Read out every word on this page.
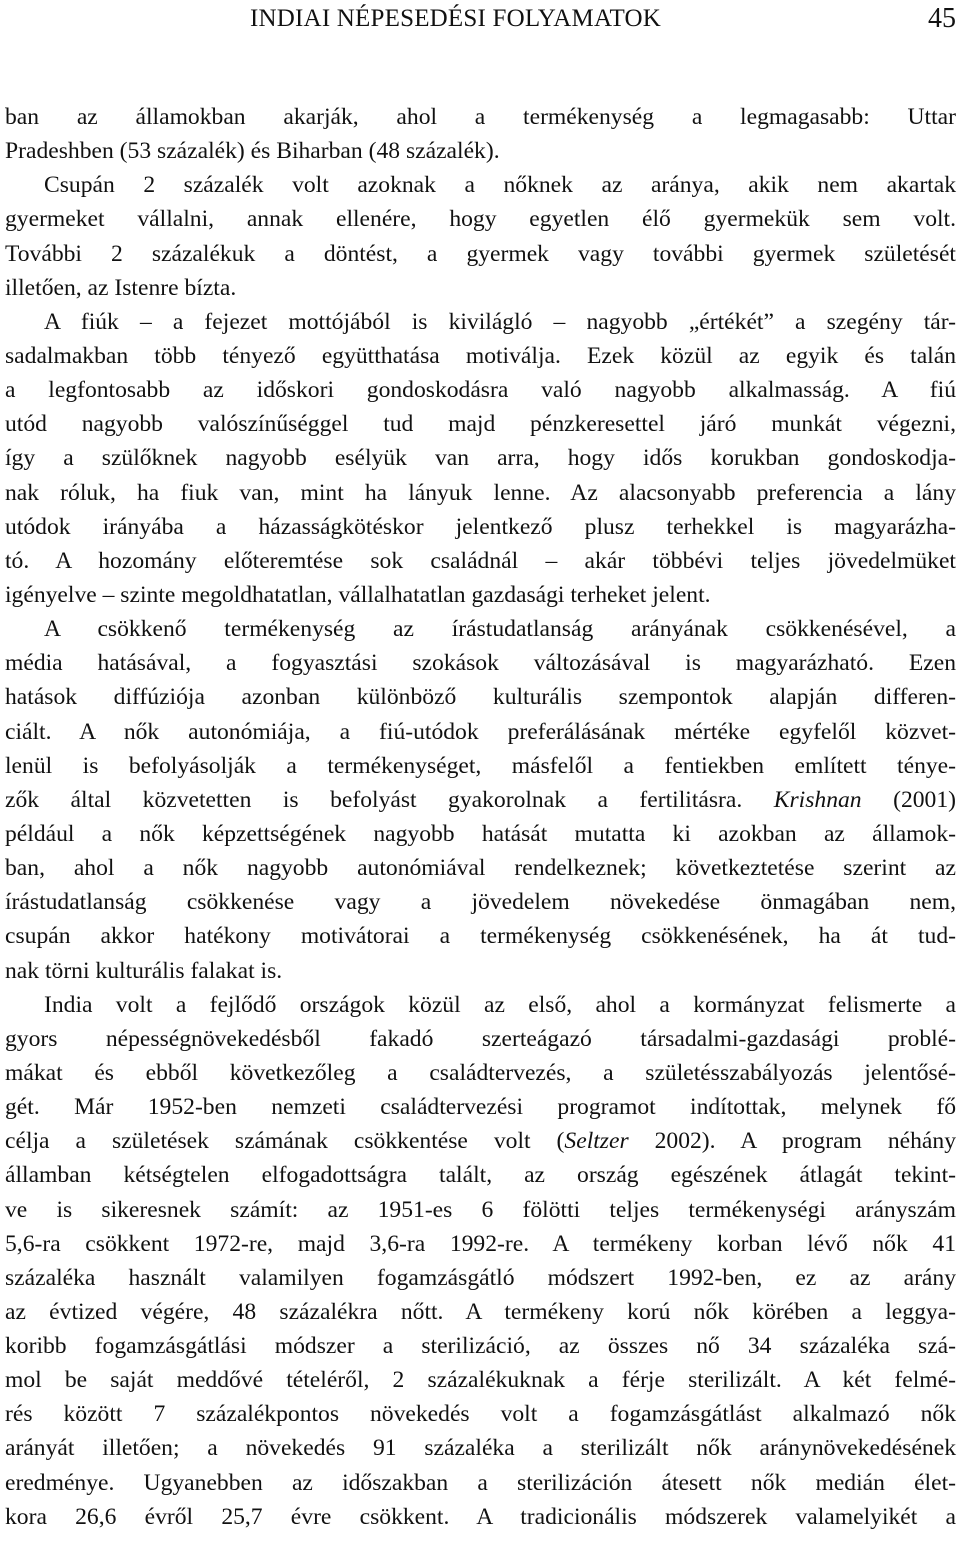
INDIAI NÉPESEDÉSI FOLYAMATOK	45
ban az államokban akarják, ahol a termékenység a legmagasabb: Uttar
Pradeshben (53 százalék) és Biharban (48 százalék).
Csupán 2 százalék volt azoknak a nőknek az aránya, akik nem akartak
gyermeket vállalni, annak ellenére, hogy egyetlen élő gyermekük sem volt.
További 2 százalékuk a döntést, a gyermek vagy további gyermek születését
illetően, az Istenre bízta.
A fiúk – a fejezet mottójából is kivilágló – nagyobb „értékét” a szegény tár-
sadalmakban több tényező együtthatása motiválja. Ezek közül az egyik és talán
a legfontosabb az időskori gondoskodásra való nagyobb alkalmasság. A fiú
utód nagyobb valószínűséggel tud majd pénzkeresettel járó munkát végezni,
így a szülőknek nagyobb esélyük van arra, hogy idős korukban gondoskodja-
nak róluk, ha fiuk van, mint ha lányuk lenne. Az alacsonyabb preferencia a lány
utódok irányába a házasságkötéskor jelentkező plusz terhekkel is magyarázha-
tó. A hozomány előteremtése sok családnál – akár többévi teljes jövedelmüket
igényelve – szinte megoldhatatlan, vállalhatatlan gazdasági terheket jelent.
A csökkenő termékenység az írástudatlanság arányának csökkenésével, a
média hatásával, a fogyasztási szokások változásával is magyarázható. Ezen
hatások diffúziója azonban különböző kulturális szempontok alapján differen-
ciált. A nők autonómiája, a fiú-utódok preferálásának mértéke egyfelől közvet-
lenül is befolyásolják a termékenységet, másfelől a fentiekben említett ténye-
zők által közvetetten is befolyást gyakorolnak a fertilitásra. Krishnan (2001)
például a nők képzettségének nagyobb hatását mutatta ki azokban az államok-
ban, ahol a nők nagyobb autonómiával rendelkeznek; következtetése szerint az
írástudatlanság csökkenése vagy a jövedelem növekedése önmagában nem,
csupán akkor hatékony motivátorai a termékenység csökkenésének, ha át tud-
nak törni kulturális falakat is.
India volt a fejlődő országok közül az első, ahol a kormányzat felismerte a
gyors népességnövekedésből fakadó szerteágazó társadalmi-gazdasági problé-
mákat és ebből következőleg a családtervezés, a születésszabályozás jelentősé-
gét. Már 1952-ben nemzeti családtervezési programot indítottak, melynek fő
célja a születések számának csökkentése volt (Seltzer 2002). A program néhány
államban kétségtelen elfogadottságra talált, az ország egészének átlagát tekint-
ve is sikeresnek számít: az 1951-es 6 fölötti teljes termékenységi arányszám
5,6-ra csökkent 1972-re, majd 3,6-ra 1992-re. A termékeny korban lévő nők 41
százaléka használt valamilyen fogamzásgátló módszert 1992-ben, ez az arány
az évtized végére, 48 százalékra nőtt. A termékeny korú nők körében a leggya-
koribb fogamzásgátlási módszer a sterilizáció, az összes nő 34 százaléka szá-
mol be saját meddővé tételéről, 2 százalékuknak a férje sterilizált. A két felmé-
rés között 7 százalékpontos növekedés volt a fogamzásgátlást alkalmazó nők
arányát illetően; a növekedés 91 százaléka a sterilizált nők aránynövekedésének
eredménye. Ugyanebben az időszakban a sterilizáción átesett nők medián élet-
kora 26,6 évről 25,7 évre csökkent. A tradicionális módszerek valamelyikét a
